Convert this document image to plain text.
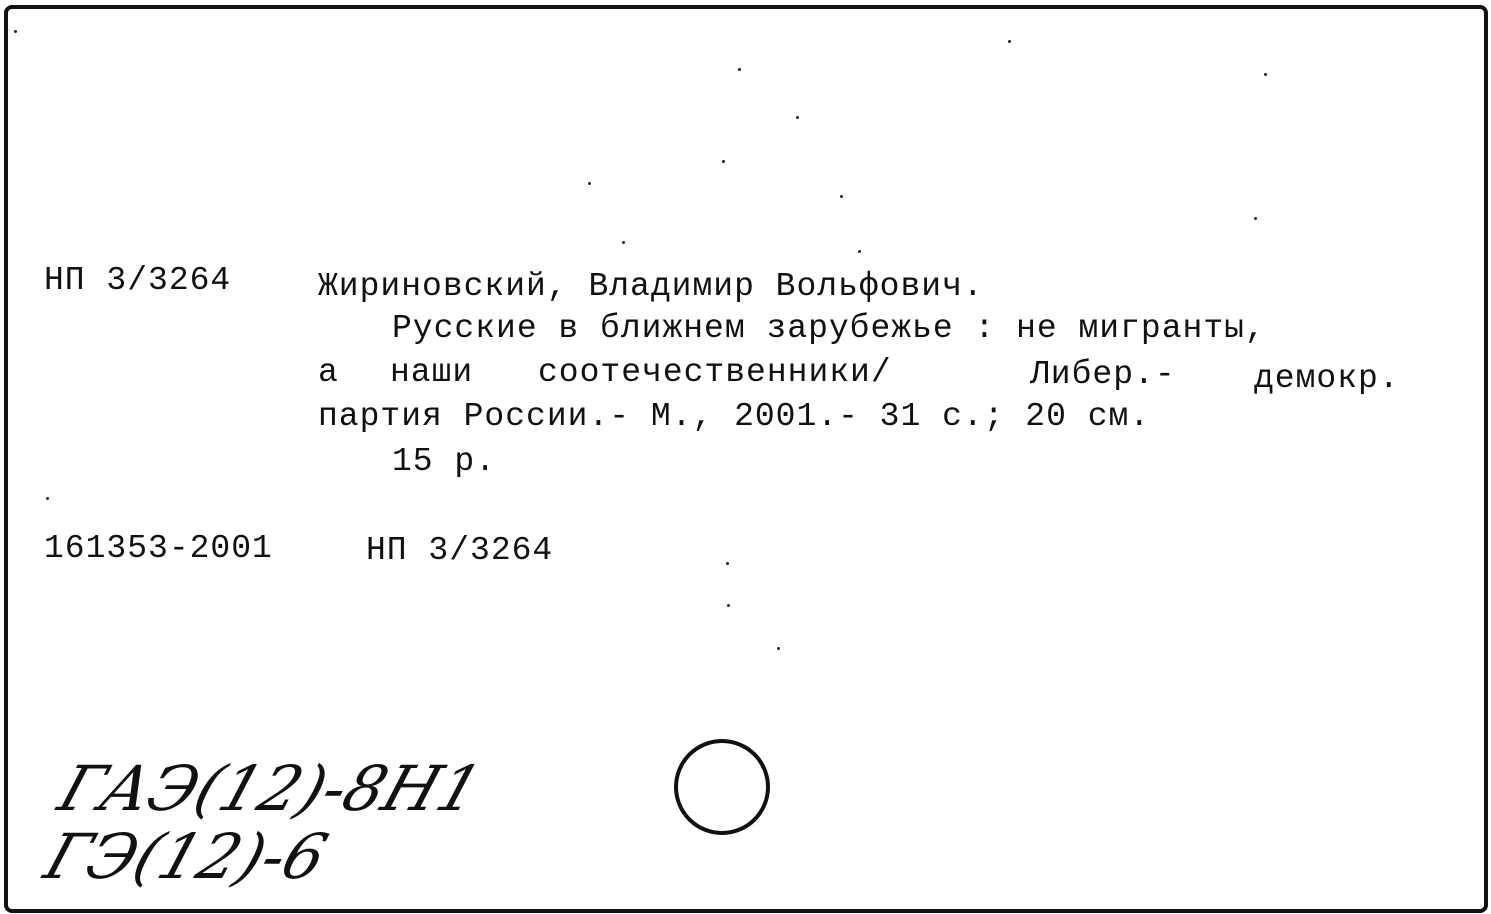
НП 3/3264	Жириновский, Владимир Вольфович.
Русские в ближнем зарубежье : не мигранты,
а наши соотечественники/	Либер.- демокр.
партия России.- М., 2001.- 31 с.; 20 см.
15 р.
161353-2001	НП 3/3264
ГАЭ(12)-8Н1
ГЭ(12)-6
